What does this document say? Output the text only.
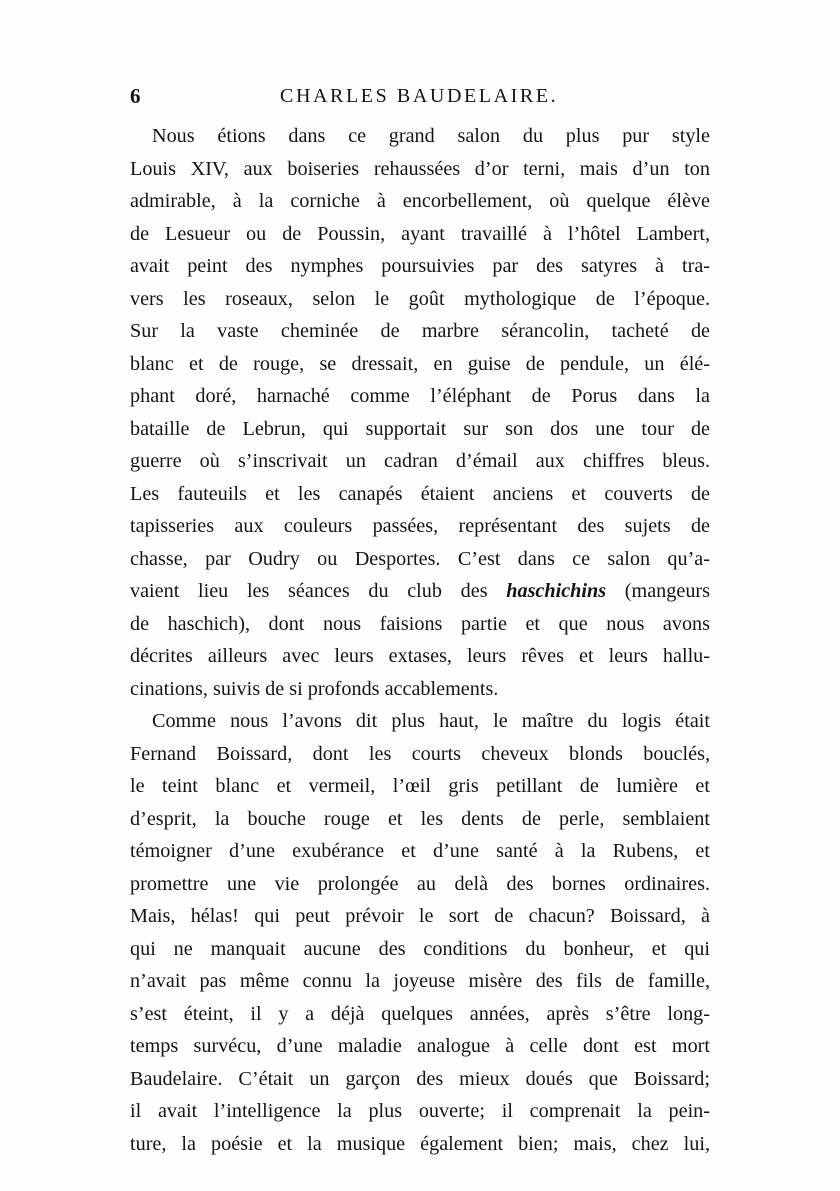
6	CHARLES BAUDELAIRE.
Nous étions dans ce grand salon du plus pur style
Louis XIV, aux boiseries rehaussées d’or terni, mais d’un ton
admirable, à la corniche à encorbellement, où quelque élève
de Lesueur ou de Poussin, ayant travaillé à l’hôtel Lambert,
avait peint des nymphes poursuivies par des satyres à tra-
vers les roseaux, selon le goût mythologique de l’époque.
Sur la vaste cheminée de marbre sérancolin, tacheté de
blanc et de rouge, se dressait, en guise de pendule, un élé-
phant doré, harnaché comme l’éléphant de Porus dans la
bataille de Lebrun, qui supportait sur son dos une tour de
guerre où s’inscrivait un cadran d’émail aux chiffres bleus.
Les fauteuils et les canapés étaient anciens et couverts de
tapisseries aux couleurs passées, représentant des sujets de
chasse, par Oudry ou Desportes. C’est dans ce salon qu’a-
vaient lieu les séances du club des haschichins (mangeurs
de haschich), dont nous faisions partie et que nous avons
décrites ailleurs avec leurs extases, leurs rêves et leurs hallu-
cinations, suivis de si profonds accablements.
Comme nous l’avons dit plus haut, le maître du logis était
Fernand Boissard, dont les courts cheveux blonds bouclés,
le teint blanc et vermeil, l’œil gris petillant de lumière et
d’esprit, la bouche rouge et les dents de perle, semblaient
témoigner d’une exubérance et d’une santé à la Rubens, et
promettre une vie prolongée au delà des bornes ordinaires.
Mais, hélas! qui peut prévoir le sort de chacun? Boissard, à
qui ne manquait aucune des conditions du bonheur, et qui
n’avait pas même connu la joyeuse misère des fils de famille,
s’est éteint, il y a déjà quelques années, après s’être long-
temps survécu, d’une maladie analogue à celle dont est mort
Baudelaire. C’était un garçon des mieux doués que Boissard;
il avait l’intelligence la plus ouverte; il comprenait la pein-
ture, la poésie et la musique également bien; mais, chez lui,
